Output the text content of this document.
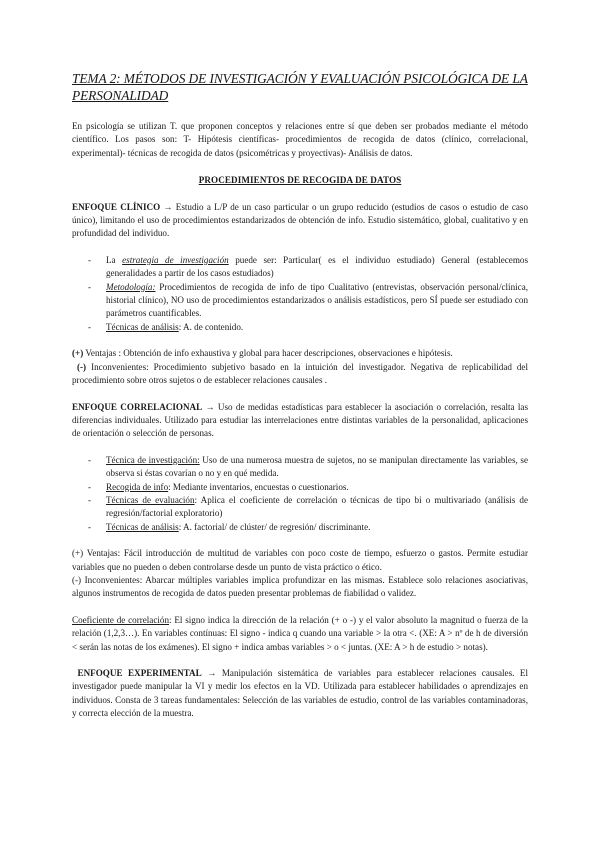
TEMA 2: MÉTODOS DE INVESTIGACIÓN Y EVALUACIÓN PSICOLÓGICA DE LA PERSONALIDAD

En psicología se utilizan T. que proponen conceptos y relaciones entre sí que deben ser probados mediante el método científico. Los pasos son: T- Hipótesis científicas- procedimientos de recogida de datos (clínico, correlacional, experimental)- técnicas de recogida de datos (psicométricas y proyectivas)- Análisis de datos.

PROCEDIMIENTOS DE RECOGIDA DE DATOS

ENFOQUE CLÍNICO → Estudio a L/P de un caso particular o un grupo reducido (estudios de casos o estudio de caso único), limitando el uso de procedimientos estandarizados de obtención de info. Estudio sistemático, global, cualitativo y en profundidad del individuo.

- La estrategia de investigación puede ser: Particular( es el individuo estudiado) General (establecemos generalidades a partir de los casos estudiados)
- Metodología: Procedimientos de recogida de info de tipo Cualitativo (entrevistas, observación personal/clínica, historial clínico), NO uso de procedimientos estandarizados o análisis estadísticos, pero SÍ puede ser estudiado con parámetros cuantificables.
- Técnicas de análisis: A. de contenido.

(+) Ventajas : Obtención de info exhaustiva y global para hacer descripciones, observaciones e hipótesis.

(-) Inconvenientes: Procedimiento subjetivo basado en la intuición del investigador. Negativa de replicabilidad del procedimiento sobre otros sujetos o de establecer relaciones causales .

ENFOQUE CORRELACIONAL → Uso de medidas estadísticas para establecer la asociación o correlación, resalta las diferencias individuales. Utilizado para estudiar las interrelaciones entre distintas variables de la personalidad, aplicaciones de orientación o selección de personas.

- Técnica de investigación: Uso de una numerosa muestra de sujetos, no se manipulan directamente las variables, se observa si éstas covarían o no y en qué medida.
- Recogida de info: Mediante inventarios, encuestas o cuestionarios.
- Técnicas de evaluación: Aplica el coeficiente de correlación o técnicas de tipo bi o multivariado (análisis de regresión/factorial exploratorio)
- Técnicas de análisis: A. factorial/ de clúster/ de regresión/ discriminante.

(+) Ventajas: Fácil introducción de multitud de variables con poco coste de tiempo, esfuerzo o gastos. Permite estudiar variables que no pueden o deben controlarse desde un punto de vista práctico o ético.

(-) Inconvenientes: Abarcar múltiples variables implica profundizar en las mismas. Establece solo relaciones asociativas, algunos instrumentos de recogida de datos pueden presentar problemas de fiabilidad o validez.

Coeficiente de correlación: El signo indica la dirección de la relación (+ o -) y el valor absoluto la magnitud o fuerza de la relación (1,2,3…). En variables contínuas: El signo - indica q cuando una variable > la otra <. (XE: A > nº de h de diversión < serán las notas de los exámenes). El signo + indica ambas variables > o < juntas. (XE: A > h de estudio > notas).

ENFOQUE EXPERIMENTAL → Manipulación sistemática de variables para establecer relaciones causales. El investigador puede manipular la VI y medir los efectos en la VD. Utilizada para establecer habilidades o aprendizajes en individuos. Consta de 3 tareas fundamentales: Selección de las variables de estudio, control de las variables contaminadoras, y correcta elección de la muestra.
